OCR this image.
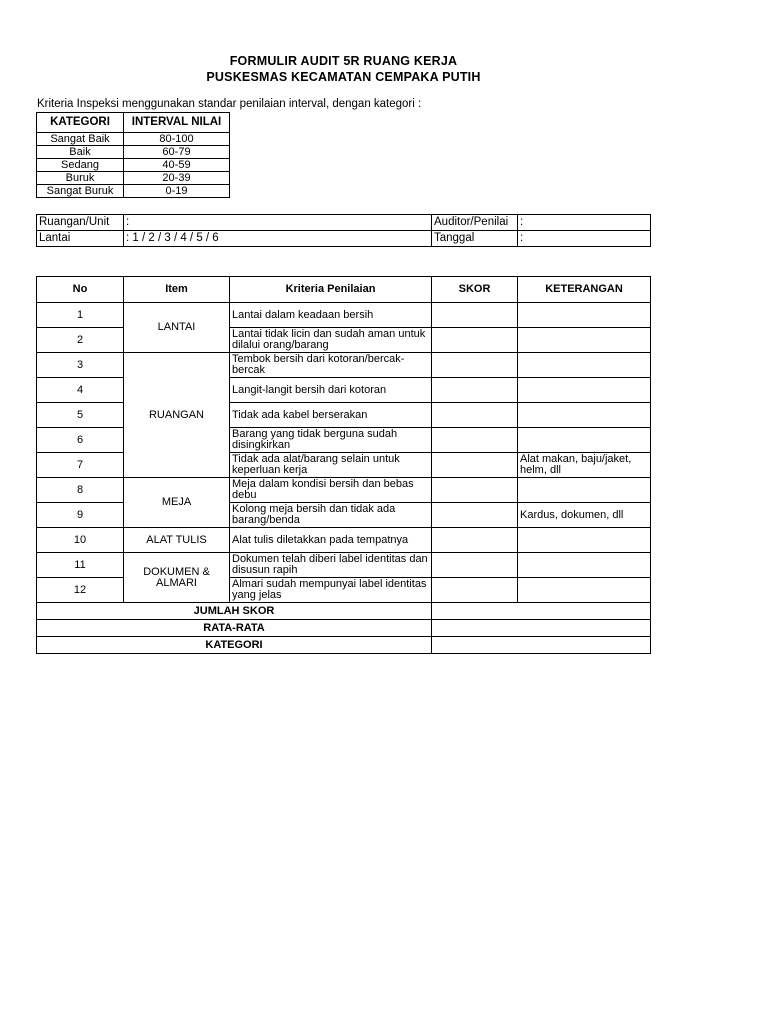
FORMULIR AUDIT 5R RUANG KERJA
PUSKESMAS KECAMATAN CEMPAKA PUTIH
Kriteria Inspeksi menggunakan standar penilaian interval, dengan kategori :
KATEGORI	INTERVAL NILAI
Sangat Baik	80-100
Baik	60-79
Sedang	40-59
Buruk	20-39
Sangat Buruk	0-19
Ruangan/Unit	:	Auditor/Penilai	:
Lantai	: 1 / 2 / 3 / 4 / 5 / 6	Tanggal	:
No	Item	Kriteria Penilaian	SKOR	KETERANGAN
1	LANTAI	Lantai dalam keadaan bersih		
2		Lantai tidak licin dan sudah aman untuk dilalui orang/barang		
3	RUANGAN	Tembok bersih dari kotoran/bercak-bercak		
4		Langit-langit bersih dari kotoran		
5		Tidak ada kabel berserakan		
6		Barang yang tidak berguna sudah disingkirkan		
7		Tidak ada alat/barang selain untuk keperluan kerja		Alat makan, baju/jaket, helm, dll
8	MEJA	Meja dalam kondisi bersih dan bebas debu		
9		Kolong meja bersih dan tidak ada barang/benda		Kardus, dokumen, dll
10	ALAT TULIS	Alat tulis diletakkan pada tempatnya		
11	DOKUMEN & ALMARI	Dokumen telah diberi label identitas dan disusun rapih		
12		Almari sudah mempunyai label identitas yang jelas		
JUMLAH SKOR				
RATA-RATA				
KATEGORI				
